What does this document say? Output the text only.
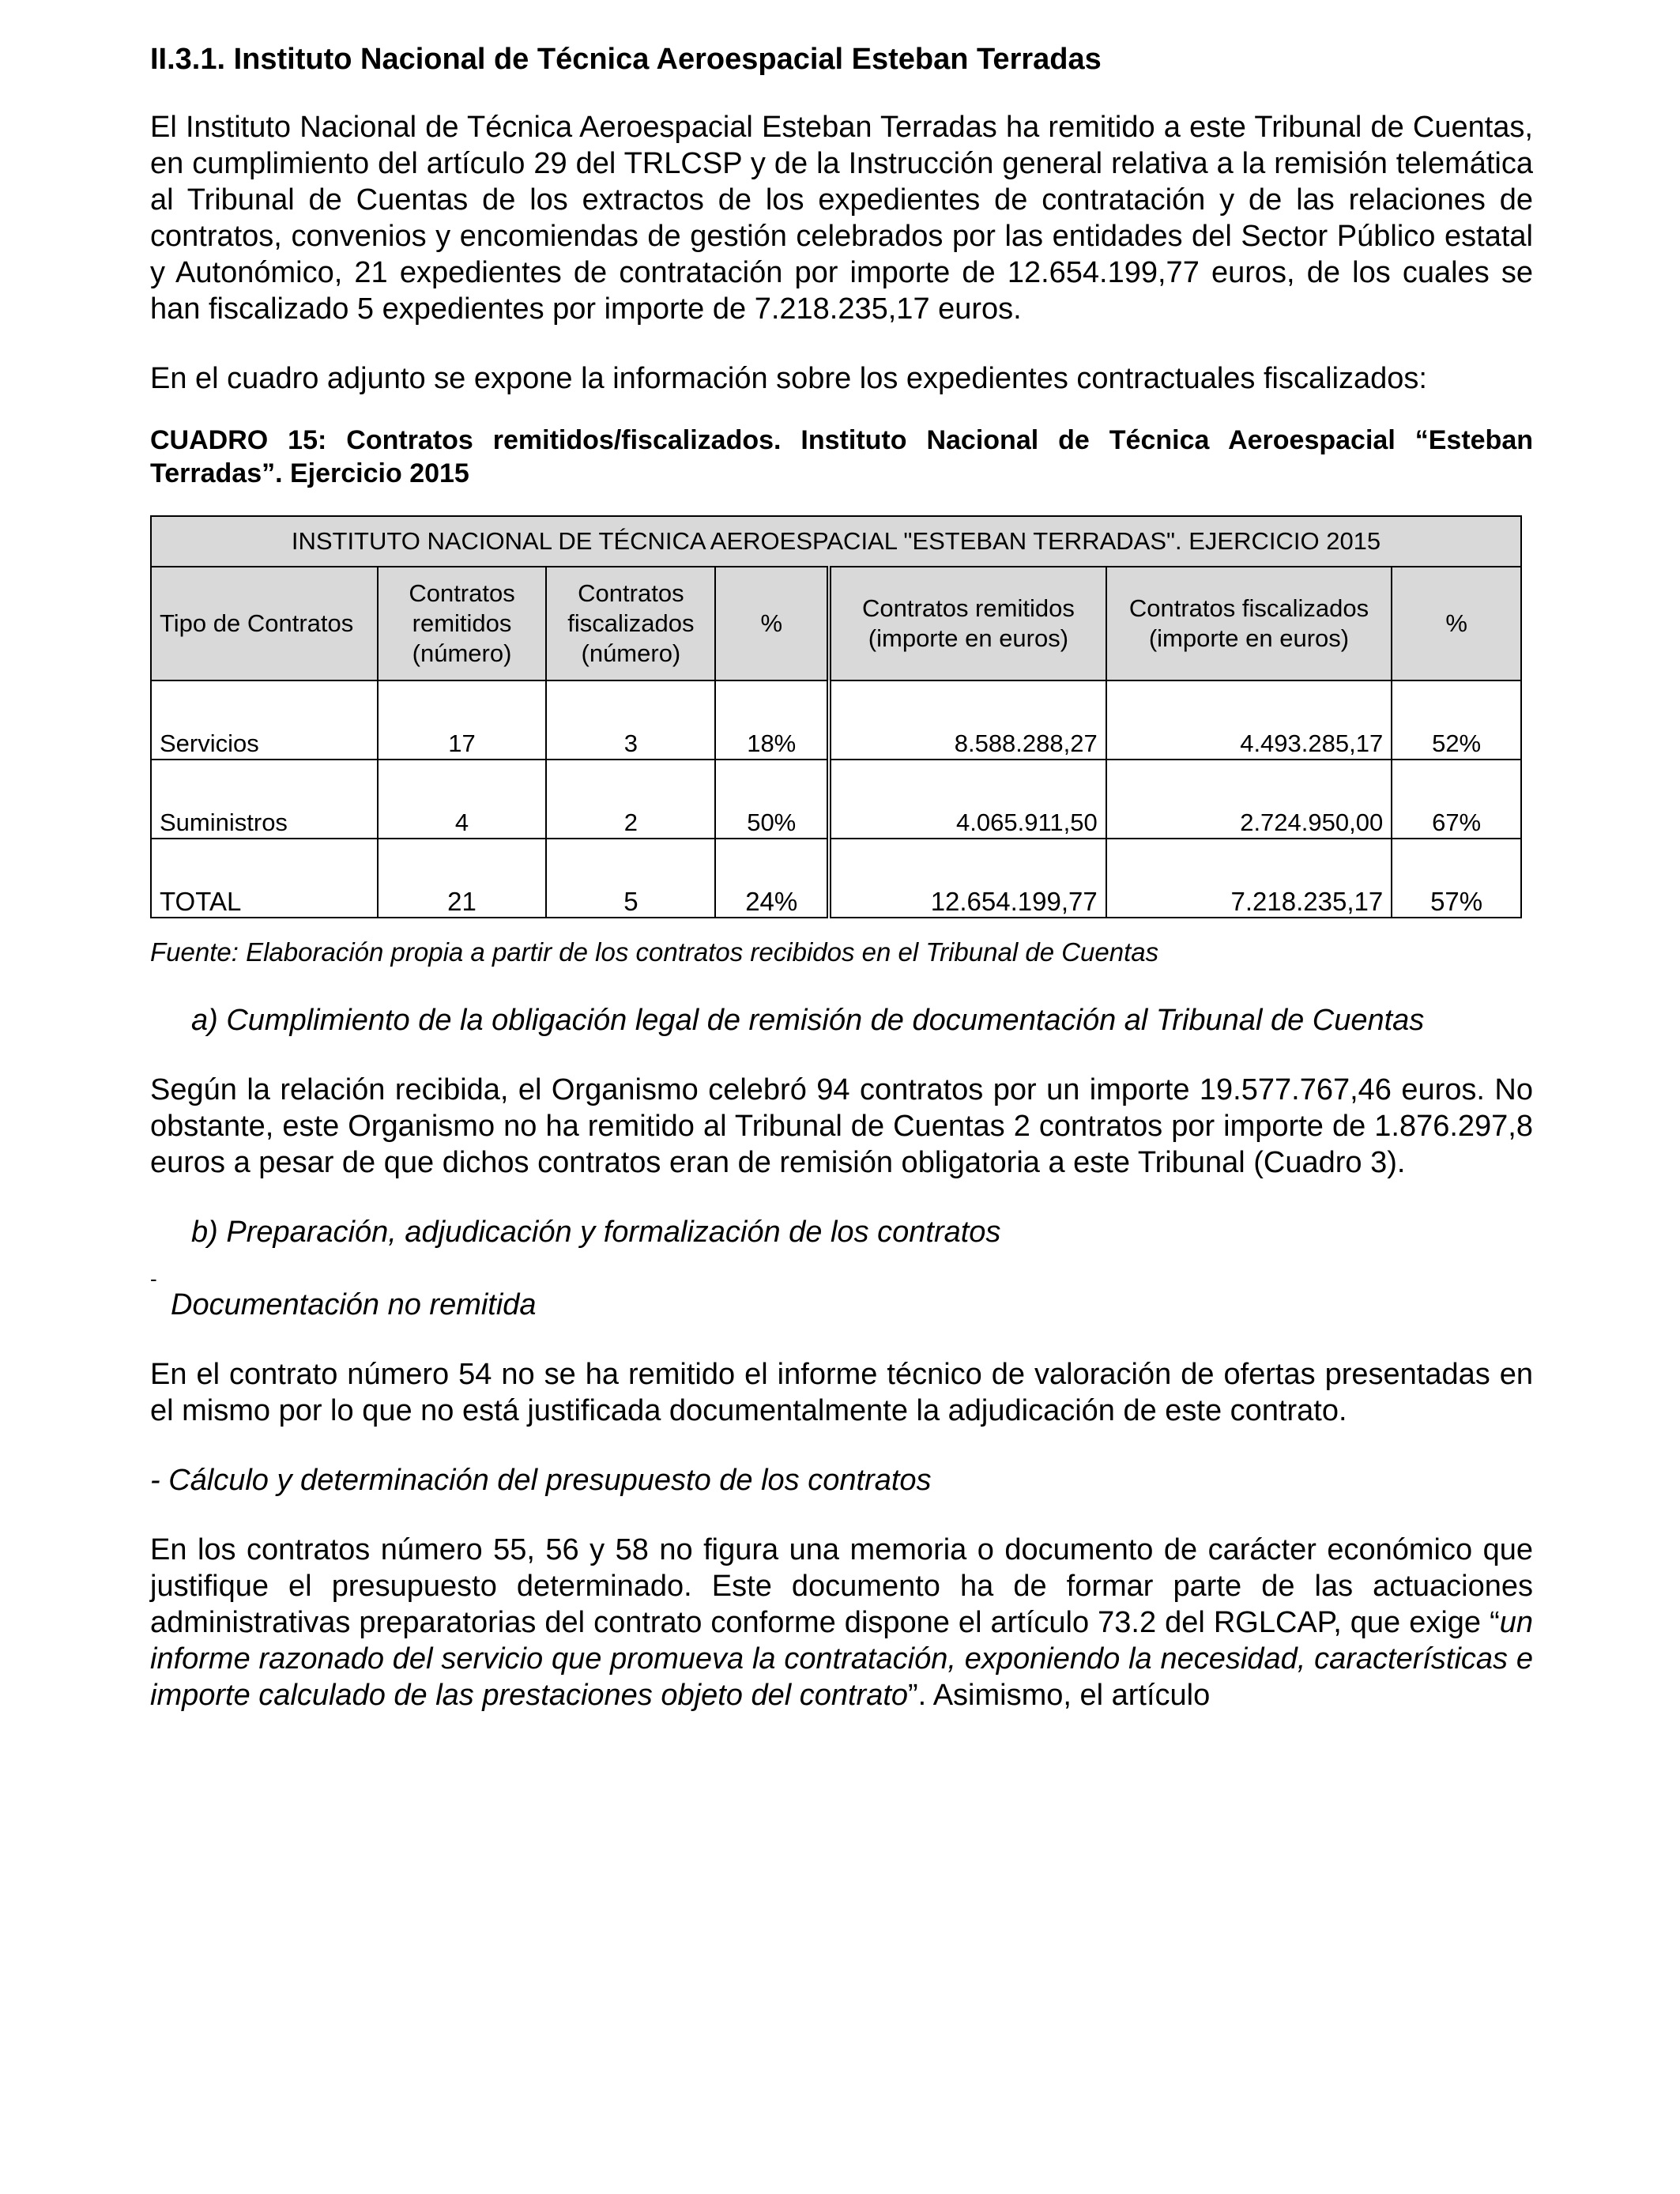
II.3.1. Instituto Nacional de Técnica Aeroespacial Esteban Terradas

El Instituto Nacional de Técnica Aeroespacial Esteban Terradas ha remitido a este Tribunal de Cuentas, en cumplimiento del artículo 29 del TRLCSP y de la Instrucción general relativa a la remisión telemática al Tribunal de Cuentas de los extractos de los expedientes de contratación y de las relaciones de contratos, convenios y encomiendas de gestión celebrados por las entidades del Sector Público estatal y Autonómico, 21 expedientes de contratación por importe de 12.654.199,77 euros, de los cuales se han fiscalizado 5 expedientes por importe de 7.218.235,17 euros.

En el cuadro adjunto se expone la información sobre los expedientes contractuales fiscalizados:

CUADRO 15: Contratos remitidos/fiscalizados. Instituto Nacional de Técnica Aeroespacial “Esteban Terradas”. Ejercicio 2015
INSTITUTO NACIONAL DE TÉCNICA AEROESPACIAL "ESTEBAN TERRADAS". EJERCICIO 2015						
Tipo de Contratos	Contratos remitidos (número)	Contratos fiscalizados (número)	%	Contratos remitidos (importe en euros)	Contratos fiscalizados (importe en euros)	%
Servicios	17	3	18%	8.588.288,27	4.493.285,17	52%
Suministros	4	2	50%	4.065.911,50	2.724.950,00	67%
TOTAL	21	5	24%	12.654.199,77	7.218.235,17	57%
Fuente: Elaboración propia a partir de los contratos recibidos en el Tribunal de Cuentas
a) Cumplimiento de la obligación legal de remisión de documentación al Tribunal de Cuentas

Según la relación recibida, el Organismo celebró 94 contratos por un importe 19.577.767,46 euros. No obstante, este Organismo no ha remitido al Tribunal de Cuentas 2 contratos por importe de 1.876.297,8 euros a pesar de que dichos contratos eran de remisión obligatoria a este Tribunal (Cuadro 3).

b) Preparación, adjudicación y formalización de los contratos
-
Documentación no remitida

En el contrato número 54 no se ha remitido el informe técnico de valoración de ofertas presentadas en el mismo por lo que no está justificada documentalmente la adjudicación de este contrato.

- Cálculo y determinación del presupuesto de los contratos

En los contratos número 55, 56 y 58 no figura una memoria o documento de carácter económico que justifique el presupuesto determinado. Este documento ha de formar parte de las actuaciones administrativas preparatorias del contrato conforme dispone el artículo 73.2 del RGLCAP, que exige “un informe razonado del servicio que promueva la contratación, exponiendo la necesidad, características e importe calculado de las prestaciones objeto del contrato”. Asimismo, el artículo
